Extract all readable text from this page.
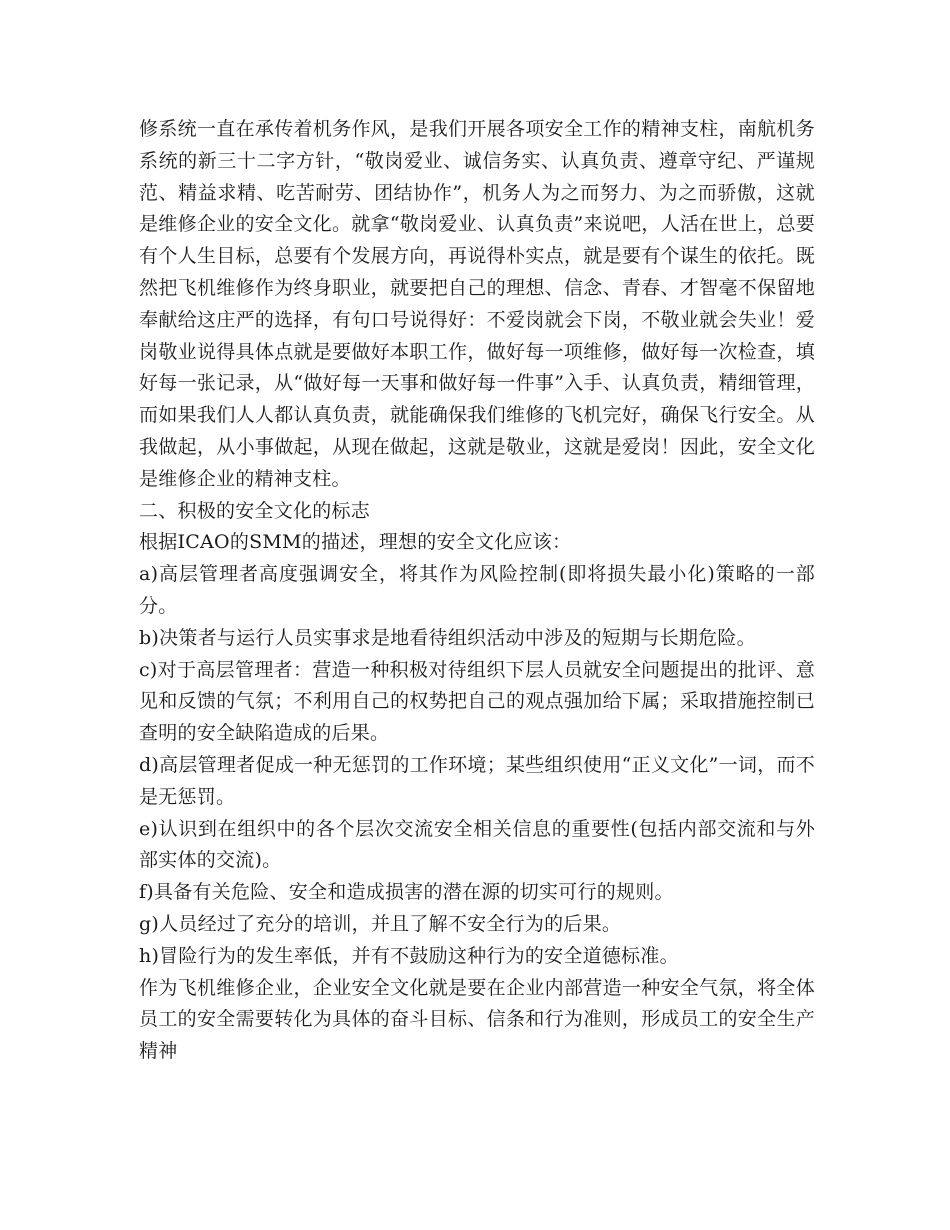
修系统一直在承传着机务作风，是我们开展各项安全工作的精神支柱，南航机务系统的新三十二字方针，“敬岗爱业、诚信务实、认真负责、遵章守纪、严谨规范、精益求精、吃苦耐劳、团结协作”，机务人为之而努力、为之而骄傲，这就是维修企业的安全文化。就拿“敬岗爱业、认真负责”来说吧，人活在世上，总要有个人生目标，总要有个发展方向，再说得朴实点，就是要有个谋生的依托。既然把飞机维修作为终身职业，就要把自己的理想、信念、青春、才智毫不保留地奉献给这庄严的选择，有句口号说得好：不爱岗就会下岗，不敬业就会失业！爱岗敬业说得具体点就是要做好本职工作，做好每一项维修，做好每一次检查，填好每一张记录，从“做好每一天事和做好每一件事”入手、认真负责，精细管理，而如果我们人人都认真负责，就能确保我们维修的飞机完好，确保飞行安全。从我做起，从小事做起，从现在做起，这就是敬业，这就是爱岗！因此，安全文化是维修企业的精神支柱。

二、积极的安全文化的标志

根据ICAO的SMM的描述，理想的安全文化应该：

a)高层管理者高度强调安全，将其作为风险控制(即将损失最小化)策略的一部分。

b)决策者与运行人员实事求是地看待组织活动中涉及的短期与长期危险。

c)对于高层管理者：营造一种积极对待组织下层人员就安全问题提出的批评、意见和反馈的气氛；不利用自己的权势把自己的观点强加给下属；采取措施控制已查明的安全缺陷造成的后果。

d)高层管理者促成一种无惩罚的工作环境；某些组织使用“正义文化”一词，而不是无惩罚。

e)认识到在组织中的各个层次交流安全相关信息的重要性(包括内部交流和与外部实体的交流)。

f)具备有关危险、安全和造成损害的潜在源的切实可行的规则。

g)人员经过了充分的培训，并且了解不安全行为的后果。

h)冒险行为的发生率低，并有不鼓励这种行为的安全道德标准。

作为飞机维修企业，企业安全文化就是要在企业内部营造一种安全气氛，将全体员工的安全需要转化为具体的奋斗目标、信条和行为准则，形成员工的安全生产精神
